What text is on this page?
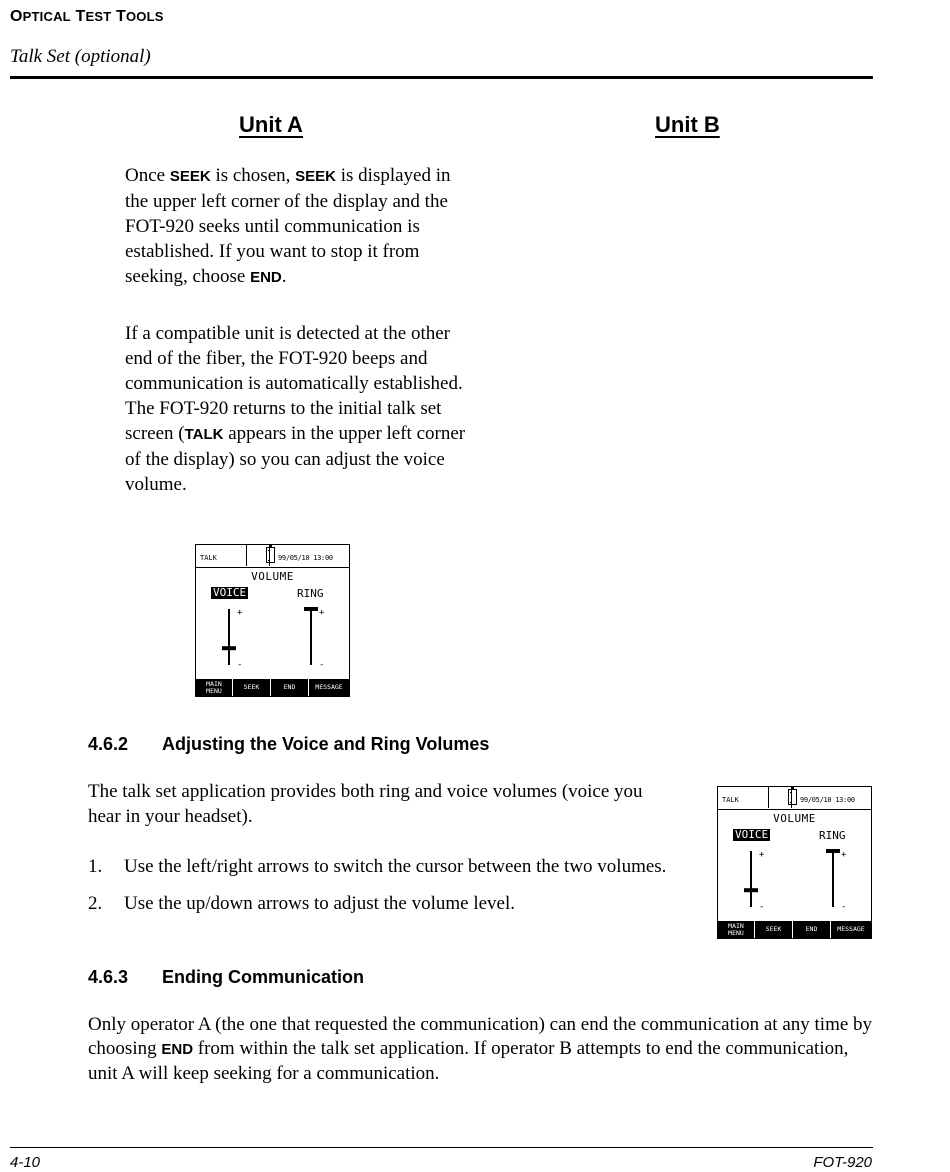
OPTICAL TEST TOOLS
Talk Set (optional)
Unit A	Unit B

Once SEEK is chosen, SEEK is displayed in the upper left corner of the display and the FOT-920 seeks until communication is established. If you want to stop it from seeking, choose END.

If a compatible unit is detected at the other end of the fiber, the FOT-920 beeps and communication is automatically established. The FOT-920 returns to the initial talk set screen (TALK appears in the upper left corner of the display) so you can adjust the voice volume.

TALK	99/05/10 13:00
VOLUME
VOICE	RING
+
-
+
-
MAIN
MENU	SEEK	END	MESSAGE
4.6.2 Adjusting the Voice and Ring Volumes

The talk set application provides both ring and voice volumes (voice you hear in your headset).

1. Use the left/right arrows to switch the cursor between the two volumes.
2. Use the up/down arrows to adjust the volume level.
TALK	99/05/10 13:00
VOLUME
VOICE	RING
+
-
+
-
MAIN
MENU	SEEK	END	MESSAGE
4.6.3 Ending Communication

Only operator A (the one that requested the communication) can end the communication at any time by choosing END from within the talk set application. If operator B attempts to end the communication, unit A will keep seeking for a communication.

4-10	FOT-920
